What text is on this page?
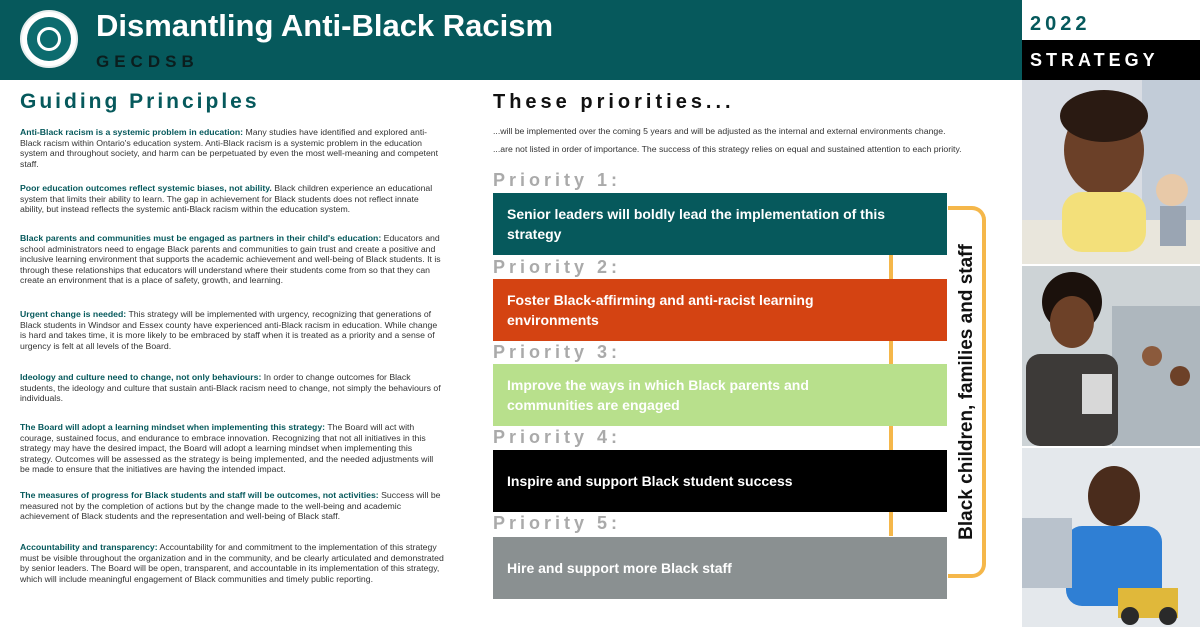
Dismantling Anti-Black Racism
GECDSB
2022
STRATEGY
Guiding Principles
Anti-Black racism is a systemic problem in education: Many studies have identified and explored anti-Black racism within Ontario's education system. Anti-Black racism is a systemic problem in the education system and throughout society, and harm can be perpetuated by even the most well-meaning and competent staff.
Poor education outcomes reflect systemic biases, not ability. Black children experience an educational system that limits their ability to learn. The gap in achievement for Black students does not reflect innate ability, but instead reflects the systemic anti-Black racism within the education system.
Black parents and communities must be engaged as partners in their child's education: Educators and school administrators need to engage Black parents and communities to gain trust and create a positive and inclusive learning environment that supports the academic achievement and well-being of Black students. It is through these relationships that educators will understand where their students come from so that they can create an environment that is a place of safety, growth, and learning.
Urgent change is needed: This strategy will be implemented with urgency, recognizing that generations of Black students in Windsor and Essex county have experienced anti-Black racism in education. While change is hard and takes time, it is more likely to be embraced by staff when it is treated as a priority and a sense of urgency is felt at all levels of the Board.
Ideology and culture need to change, not only behaviours: In order to change outcomes for Black students, the ideology and culture that sustain anti-Black racism need to change, not simply the behaviours of individuals.
The Board will adopt a learning mindset when implementing this strategy: The Board will act with courage, sustained focus, and endurance to embrace innovation. Recognizing that not all initiatives in this strategy may have the desired impact, the Board will adopt a learning mindset when implementing this strategy. Outcomes will be assessed as the strategy is being implemented, and the needed adjustments will be made to ensure that the initiatives are having the intended impact.
The measures of progress for Black students and staff will be outcomes, not activities: Success will be measured not by the completion of actions but by the change made to the well-being and academic achievement of Black students and the representation and well-being of Black staff.
Accountability and transparency: Accountability for and commitment to the implementation of this strategy must be visible throughout the organization and in the community, and be clearly articulated and demonstrated by senior leaders. The Board will be open, transparent, and accountable in its implementation of this strategy, which will include meaningful engagement of Black communities and timely public reporting.
These priorities...
...will be implemented over the coming 5 years and will be adjusted as the internal and external environments change.
...are not listed in order of importance. The success of this strategy relies on equal and sustained attention to each priority.
Priority 1:
Senior leaders will boldly lead the implementation of this strategy
Priority 2:
Foster Black-affirming and anti-racist learning environments
Priority 3:
Improve the ways in which Black parents and communities are engaged
Priority 4:
Inspire and support Black student success
Priority 5:
Hire and support more Black staff
Black children, families and staff
